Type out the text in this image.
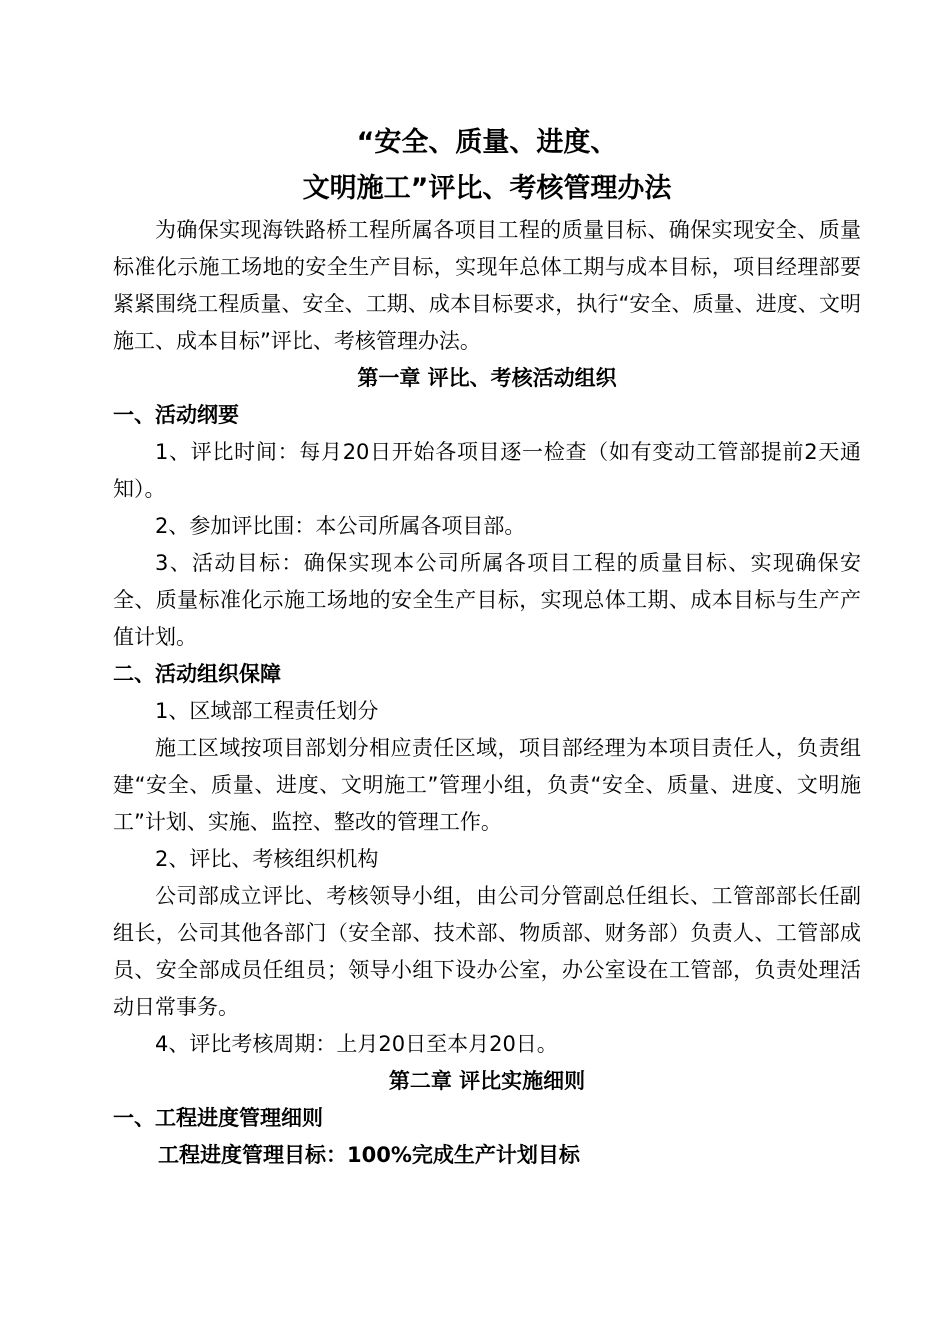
“安全、质量、进度、
文明施工”评比、考核管理办法

为确保实现海铁路桥工程所属各项目工程的质量目标、确保实现安全、质量标准化示施工场地的安全生产目标，实现年总体工期与成本目标，项目经理部要紧紧围绕工程质量、安全、工期、成本目标要求，执行“安全、质量、进度、文明施工、成本目标”评比、考核管理办法。

第一章 评比、考核活动组织
一、活动纲要

1、评比时间：每月20日开始各项目逐一检查（如有变动工管部提前2天通知）。

2、参加评比围：本公司所属各项目部。

3、活动目标：确保实现本公司所属各项目工程的质量目标、实现确保安全、质量标准化示施工场地的安全生产目标，实现总体工期、成本目标与生产产值计划。

二、活动组织保障

1、区域部工程责任划分

施工区域按项目部划分相应责任区域，项目部经理为本项目责任人，负责组建“安全、质量、进度、文明施工”管理小组，负责“安全、质量、进度、文明施工”计划、实施、监控、整改的管理工作。

2、评比、考核组织机构

公司部成立评比、考核领导小组，由公司分管副总任组长、工管部部长任副组长，公司其他各部门（安全部、技术部、物质部、财务部）负责人、工管部成员、安全部成员任组员；领导小组下设办公室，办公室设在工管部，负责处理活动日常事务。

4、评比考核周期：上月20日至本月20日。

第二章 评比实施细则
一、工程进度管理细则

工程进度管理目标：100%完成生产计划目标
